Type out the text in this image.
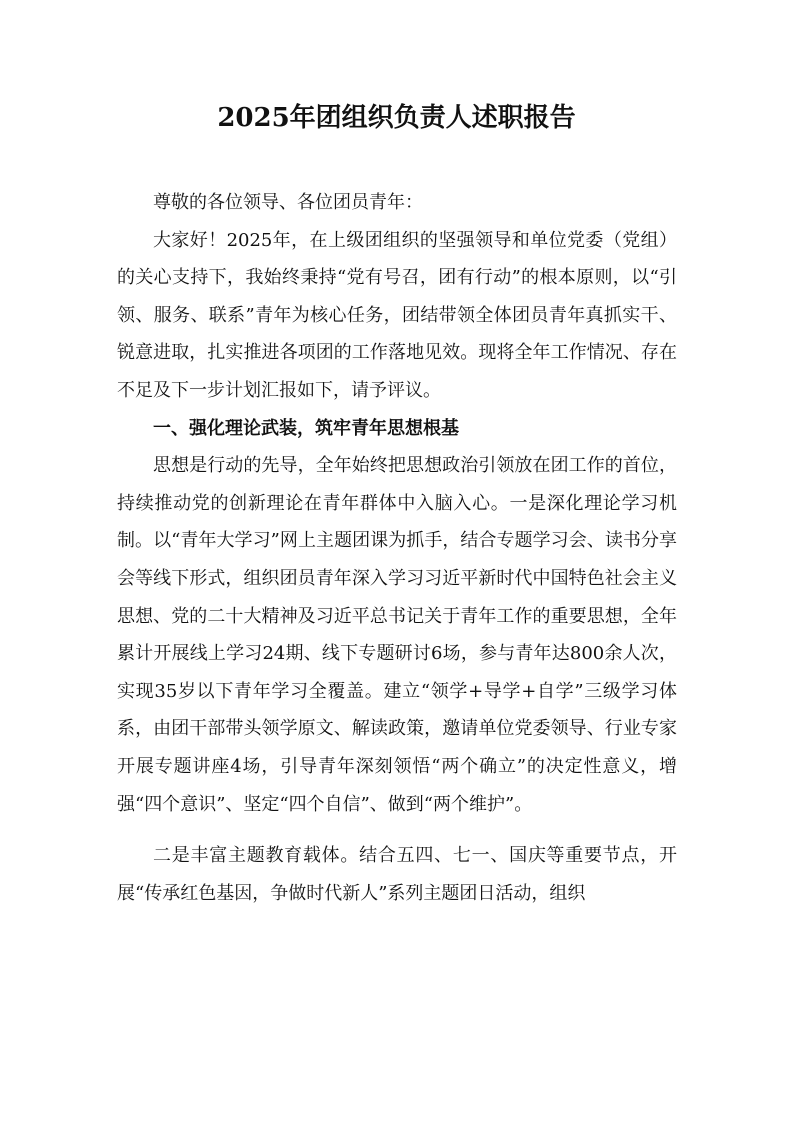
2025年团组织负责人述职报告

尊敬的各位领导、各位团员青年：

大家好！2025年，在上级团组织的坚强领导和单位党委（党组）的关心支持下，我始终秉持“党有号召，团有行动”的根本原则，以“引领、服务、联系”青年为核心任务，团结带领全体团员青年真抓实干、锐意进取，扎实推进各项团的工作落地见效。现将全年工作情况、存在不足及下一步计划汇报如下，请予评议。

一、强化理论武装，筑牢青年思想根基

思想是行动的先导，全年始终把思想政治引领放在团工作的首位，持续推动党的创新理论在青年群体中入脑入心。一是深化理论学习机制。以“青年大学习”网上主题团课为抓手，结合专题学习会、读书分享会等线下形式，组织团员青年深入学习习近平新时代中国特色社会主义思想、党的二十大精神及习近平总书记关于青年工作的重要思想，全年累计开展线上学习24期、线下专题研讨6场，参与青年达800余人次，实现35岁以下青年学习全覆盖。建立“领学+导学+自学”三级学习体系，由团干部带头领学原文、解读政策，邀请单位党委领导、行业专家开展专题讲座4场，引导青年深刻领悟“两个确立”的决定性意义，增强“四个意识”、坚定“四个自信”、做到“两个维护”。

二是丰富主题教育载体。结合五四、七一、国庆等重要节点，开展“传承红色基因，争做时代新人”系列主题团日活动，组织
